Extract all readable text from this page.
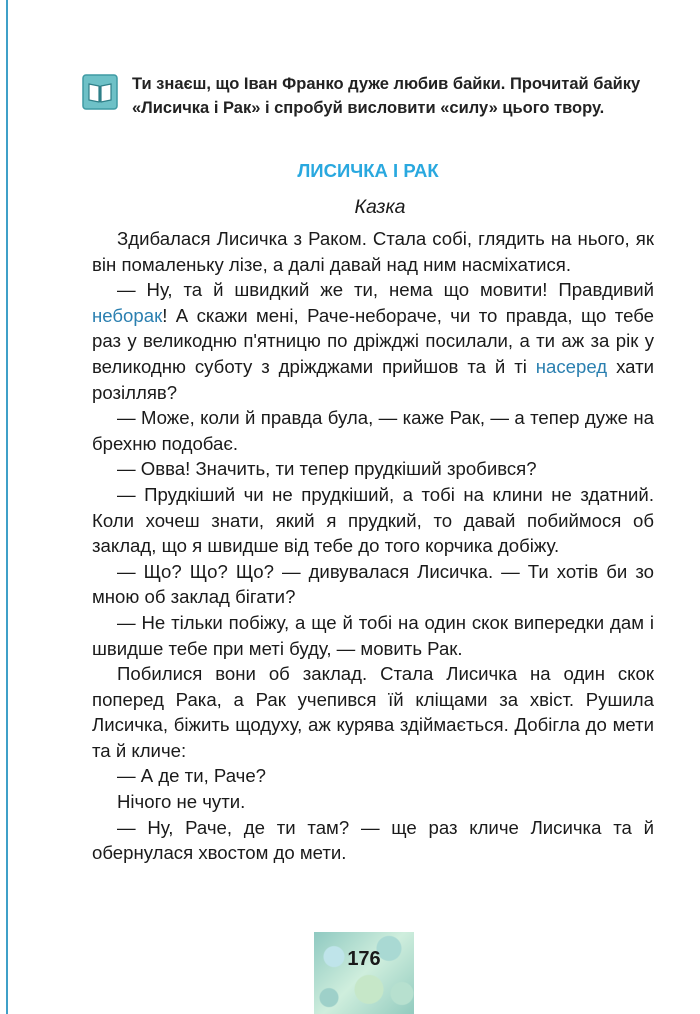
Ти знаєш, що Іван Франко дуже любив байки. Прочитай байку «Лисичка і Рак» і спробуй висловити «силу» цього твору.
ЛИСИЧКА І РАК
Казка

Здибалася Лисичка з Раком. Стала собі, глядить на нього, як він помаленьку лізе, а далі давай над ним насміхатися.

— Ну, та й швидкий же ти, нема що мовити! Правдивий неборак! А скажи мені, Раче-небораче, чи то правда, що тебе раз у великодню п'ятницю по дріжджі посилали, а ти аж за рік у великодню суботу з дріжджами прийшов та й ті насеред хати розілляв?

— Може, коли й правда була, — каже Рак, — а тепер дуже на брехню подобає.

— Овва! Значить, ти тепер прудкіший зробився?

— Прудкіший чи не прудкіший, а тобі на клини не здатний. Коли хочеш знати, який я прудкий, то давай побиймося об заклад, що я швидше від тебе до того корчика добіжу.

— Що? Що? Що? — дивувалася Лисичка. — Ти хотів би зо мною об заклад бігати?

— Не тільки побіжу, а ще й тобі на один скок випередки дам і швидше тебе при меті буду, — мовить Рак.

Побилися вони об заклад. Стала Лисичка на один скок поперед Рака, а Рак учепився їй кліщами за хвіст. Рушила Лисичка, біжить щодуху, аж курява здіймається. Добігла до мети та й кличе:

— А де ти, Раче?

Нічого не чути.

— Ну, Раче, де ти там? — ще раз кличе Лисичка та й обернулася хвостом до мети.

176
